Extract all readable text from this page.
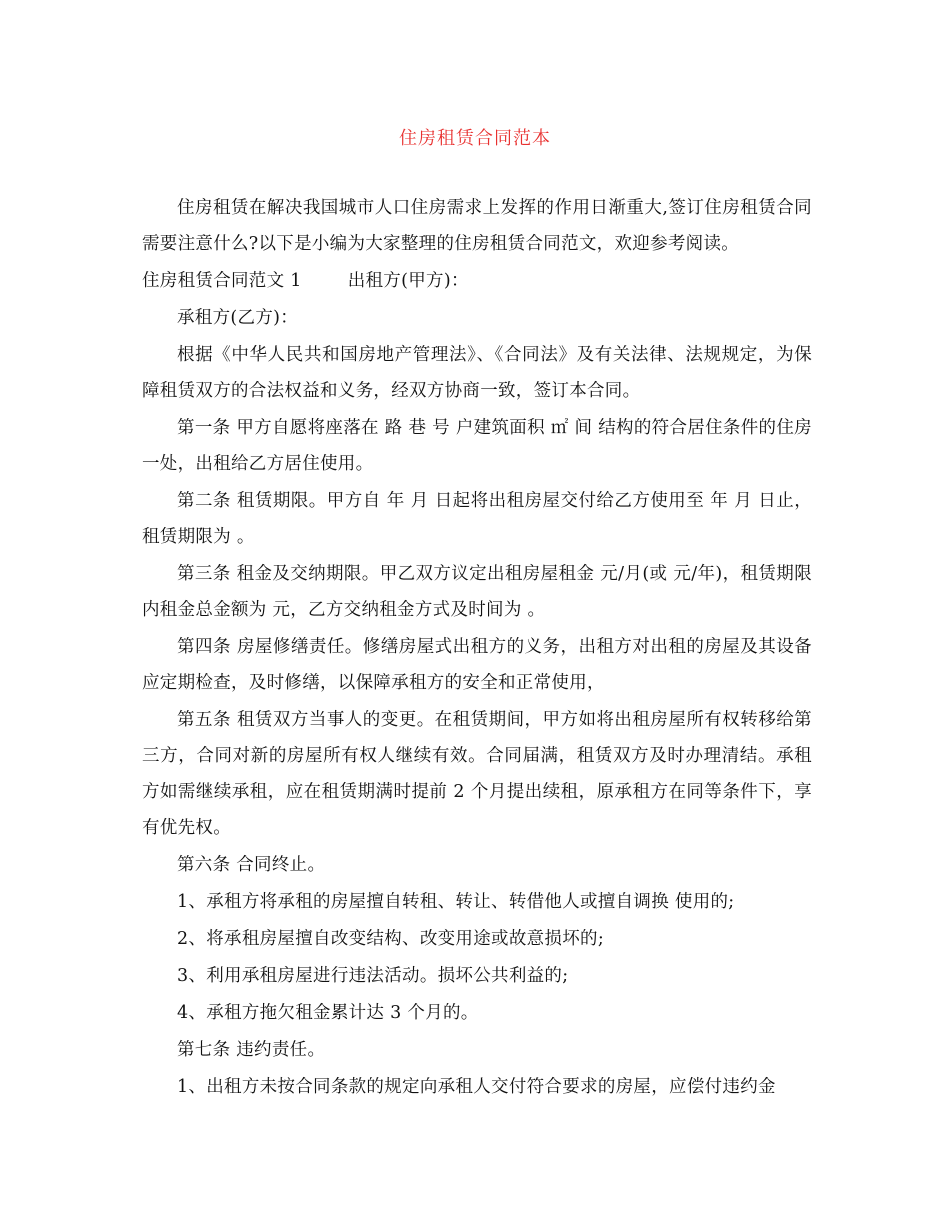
住房租赁合同范本

住房租赁在解决我国城市人口住房需求上发挥的作用日渐重大,签订住房租赁合同需要注意什么?以下是小编为大家整理的住房租赁合同范文，欢迎参考阅读。

住房租赁合同范文 1	出租方(甲方)：

承租方(乙方)：

根据《中华人民共和国房地产管理法》、《合同法》及有关法律、法规规定，为保障租赁双方的合法权益和义务，经双方协商一致，签订本合同。

第一条 甲方自愿将座落在 路 巷 号 户建筑面积 ㎡ 间 结构的符合居住条件的住房一处，出租给乙方居住使用。

第二条 租赁期限。甲方自 年 月 日起将出租房屋交付给乙方使用至 年 月 日止，租赁期限为 。

第三条 租金及交纳期限。甲乙双方议定出租房屋租金 元/月(或 元/年)，租赁期限内租金总金额为 元，乙方交纳租金方式及时间为 。

第四条 房屋修缮责任。修缮房屋式出租方的义务，出租方对出租的房屋及其设备应定期检查，及时修缮，以保障承租方的安全和正常使用，

第五条 租赁双方当事人的变更。在租赁期间，甲方如将出租房屋所有权转移给第三方，合同对新的房屋所有权人继续有效。合同届满，租赁双方及时办理清结。承租方如需继续承租，应在租赁期满时提前 2 个月提出续租，原承租方在同等条件下，享有优先权。

第六条 合同终止。

1、承租方将承租的房屋擅自转租、转让、转借他人或擅自调换 使用的;

2、将承租房屋擅自改变结构、改变用途或故意损坏的;

3、利用承租房屋进行违法活动。损坏公共利益的;

4、承租方拖欠租金累计达 3 个月的。

第七条 违约责任。

1、出租方未按合同条款的规定向承租人交付符合要求的房屋，应偿付违约金
